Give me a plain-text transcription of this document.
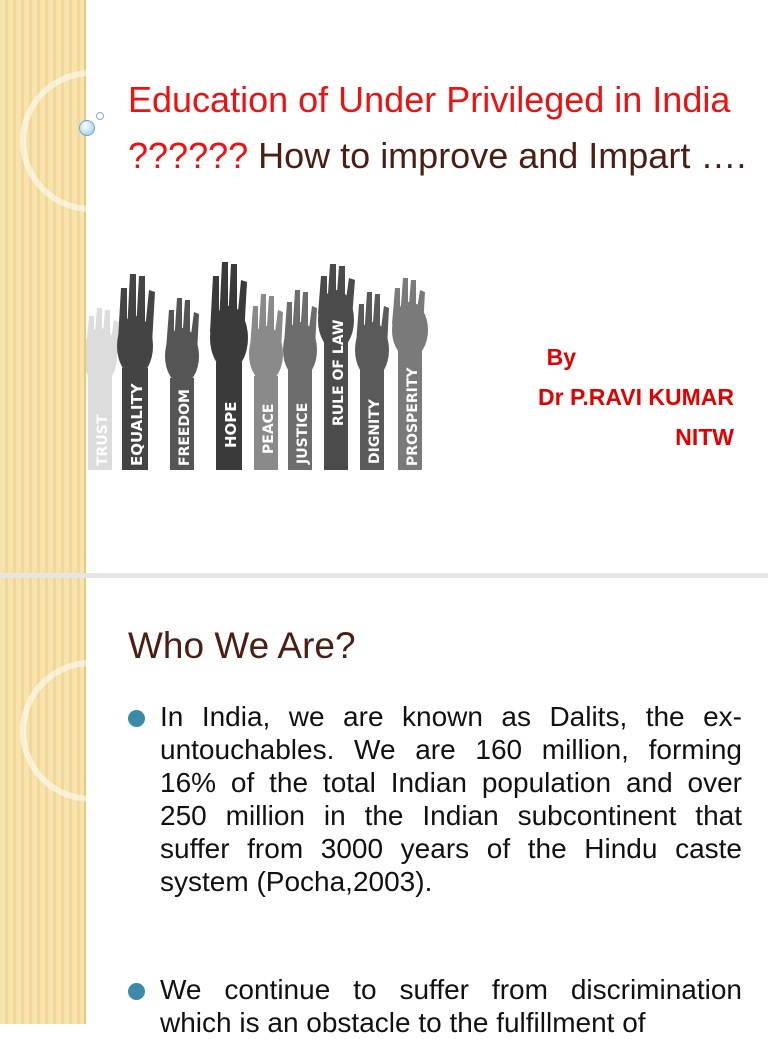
Education of Under Privileged in India ?????? How to improve and Impart ….
TRUST EQUALITY FREEDOM HOPE PEACE JUSTICE
RULE OF LAW
DIGNITY PROSPERITY
By
Dr P.RAVI KUMAR
NITW
Who We Are?
In India, we are known as Dalits, the ex-untouchables. We are 160 million, forming 16% of the total Indian population and over 250 million in the Indian subcontinent that suffer from 3000 years of the Hindu caste system (Pocha,2003).
We continue to suffer from discrimination which is an obstacle to the fulfillment of
